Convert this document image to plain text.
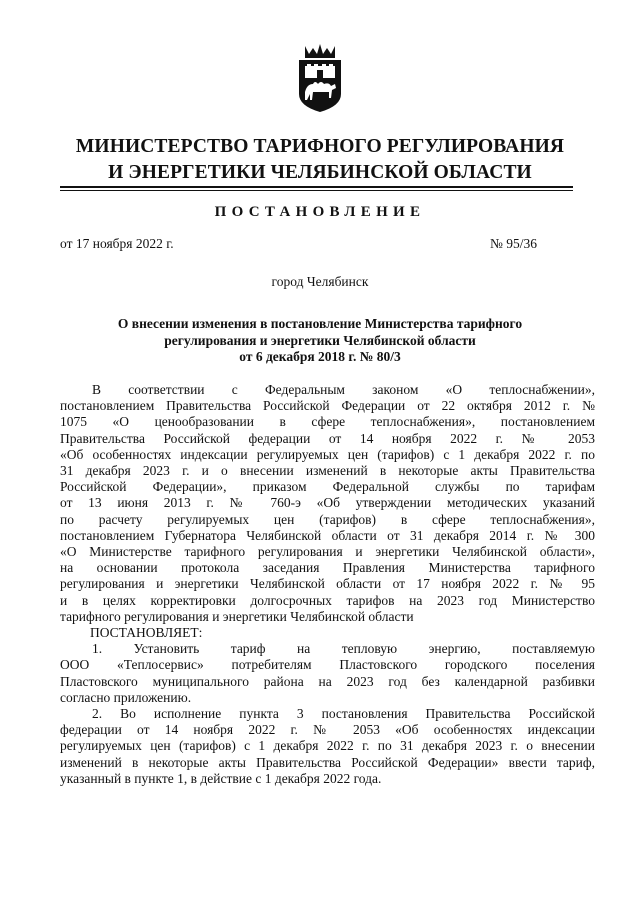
МИНИСТЕРСТВО ТАРИФНОГО РЕГУЛИРОВАНИЯ
И ЭНЕРГЕТИКИ ЧЕЛЯБИНСКОЙ ОБЛАСТИ
ПОСТАНОВЛЕНИЕ
от 17 ноября 2022 г.	№ 95/36
город Челябинск
О внесении изменения в постановление Министерства тарифного
регулирования и энергетики Челябинской области
от 6 декабря 2018 г. № 80/3

В соответствии с Федеральным законом «О теплоснабжении»,

постановлением Правительства Российской Федерации от 22 октября 2012 г. №

1075 «О ценообразовании в сфере теплоснабжения», постановлением

Правительства Российской федерации от 14 ноября 2022 г. № 2053

«Об особенностях индексации регулируемых цен (тарифов) с 1 декабря 2022 г. по

31 декабря 2023 г. и о внесении изменений в некоторые акты Правительства

Российской Федерации», приказом Федеральной службы по тарифам

от 13 июня 2013 г. № 760-э «Об утверждении методических указаний

по расчету регулируемых цен (тарифов) в сфере теплоснабжения»,

постановлением Губернатора Челябинской области от 31 декабря 2014 г. № 300

«О Министерстве тарифного регулирования и энергетики Челябинской области»,

на основании протокола заседания Правления Министерства тарифного

регулирования и энергетики Челябинской области от 17 ноября 2022 г. № 95

и в целях корректировки долгосрочных тарифов на 2023 год Министерство

тарифного регулирования и энергетики Челябинской области

ПОСТАНОВЛЯЕТ:

1. Установить тариф на тепловую энергию, поставляемую

ООО «Теплосервис» потребителям Пластовского городского поселения

Пластовского муниципального района на 2023 год без календарной разбивки

согласно приложению.

2. Во исполнение пункта 3 постановления Правительства Российской

федерации от 14 ноября 2022 г. № 2053 «Об особенностях индексации

регулируемых цен (тарифов) с 1 декабря 2022 г. по 31 декабря 2023 г. о внесении

изменений в некоторые акты Правительства Российской Федерации» ввести тариф,

указанный в пункте 1, в действие с 1 декабря 2022 года.
